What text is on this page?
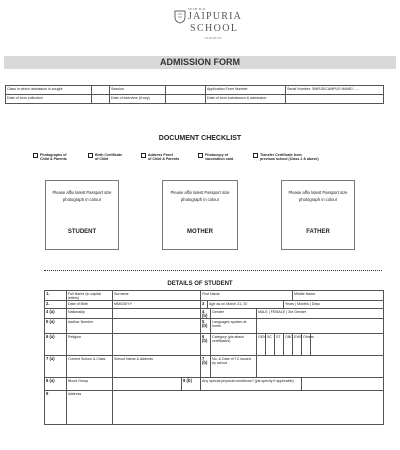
SETH M.R.
JAIPURIA
SCHOOL
JODHPUR
ADMISSION FORM
Class in which admission is sought		Session		Application Form Number	Serial Number: SMRJS/CAMPUS NAME/......
Date of form collection		Date of interview (if any)		Date of form submission & admission	
DOCUMENT CHECKLIST
Photographs of
Child & Parents
Birth Certificate
of Child
Address Proof
of Child & Parents
Photocopy of
vaccination card
Transfer Certificate from
previous school (Class 2 & above)
Please affix latest Passport size photograph in colour
STUDENT
Please affix latest Passport size photograph in colour
MOTHER
Please affix latest Passport size photograph in colour
FATHER
DETAILS OF STUDENT
1.	Full Name (in capital letters)	Surname		First Name							Middle Name		
2.	Date of Birth	MM/DD/YY		3	Age as on March 31, 20					Years | Months | Days			
4 (a)	Nationality			4 (b)		Gender	MALE | FEMALE | 3rd Gender						
5 (a)	Aadhar Number			5 (b)		Languages spoken at home							
6 (a)	Religion			6 (b)		Category (pls attach certificates)	GEN	SC	ST	OBC	EWS	Others	
7 (a)	Current School & Class	School Name & Address		7 (b)		No. & Date of TC issued by school							
8 (a)	Blood Group		8 (b)	Any special physical conditions? (pls specify if applicable)									
9	Address												
